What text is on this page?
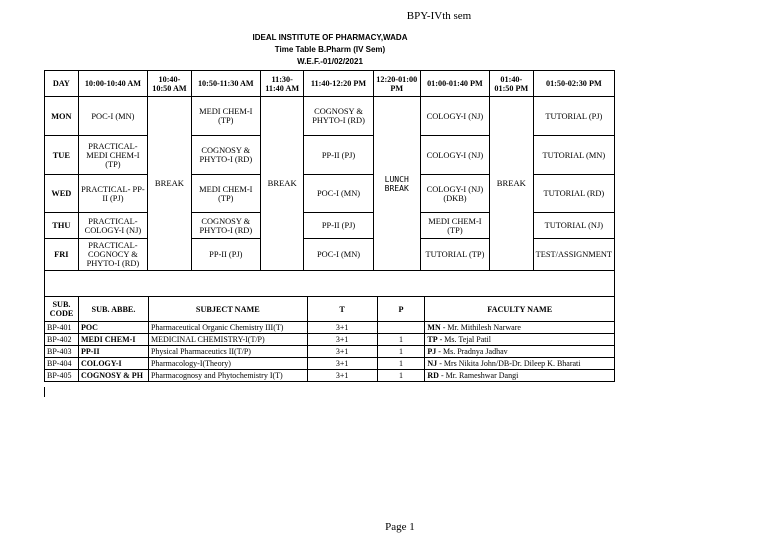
BPY-IVth sem
IDEAL INSTITUTE OF PHARMACY,WADA
Time Table B.Pharm (IV Sem)
W.E.F.-01/02/2021
DAY	10:00-10:40 AM	10:40-10:50 AM	10:50-11:30 AM	11:30-11:40 AM	11:40-12:20 PM	12:20-01:00 PM	01:00-01:40 PM	01:40-01:50 PM	01:50-02:30 PM
MON	POC-I (MN)	BREAK	MEDI CHEM-I (TP)	BREAK	COGNOSY & PHYTO-I (RD)	LUNCH BREAK	COLOGY-I (NJ)	BREAK	TUTORIAL (PJ)
TUE	PRACTICAL- MEDI CHEM-I (TP)		COGNOSY & PHYTO-I (RD)		PP-II (PJ)		COLOGY-I (NJ)		TUTORIAL (MN)
WED	PRACTICAL- PP-II (PJ)		MEDI CHEM-I (TP)		POC-I (MN)		COLOGY-I (NJ)(DKB)		TUTORIAL (RD)
THU	PRACTICAL- COLOGY-I (NJ)		COGNOSY & PHYTO-I (RD)		PP-II (PJ)		MEDI CHEM-I (TP)		TUTORIAL (NJ)
FRI	PRACTICAL- COGNOCY & PHYTO-I (RD)		PP-II (PJ)		POC-I (MN)		TUTORIAL (TP)		TEST/ASSIGNMENT

SUB. CODE	SUB. ABBE.	SUBJECT NAME	T	P	FACULTY NAME
BP-401	POC	Pharmaceutical Organic Chemistry III(T)	3+1		MN - Mr. Mithilesh Narware
BP-402	MEDI CHEM-I	MEDICINAL CHEMISTRY-I(T/P)	3+1	1	TP - Ms. Tejal Patil
BP-403	PP-II	Physical Pharmaceutics II(T/P)	3+1	1	PJ - Ms. Pradnya Jadhav
BP-404	COLOGY-I	Pharmacology-I(Theory)	3+1	1	NJ - Mrs Nikita John/DB-Dr. Dileep K. Bharati
BP-405	COGNOSY & PH	Pharmacognosy and Phytochemistry I(T)	3+1	1	RD - Mr. Rameshwar Dangi
Page 1
